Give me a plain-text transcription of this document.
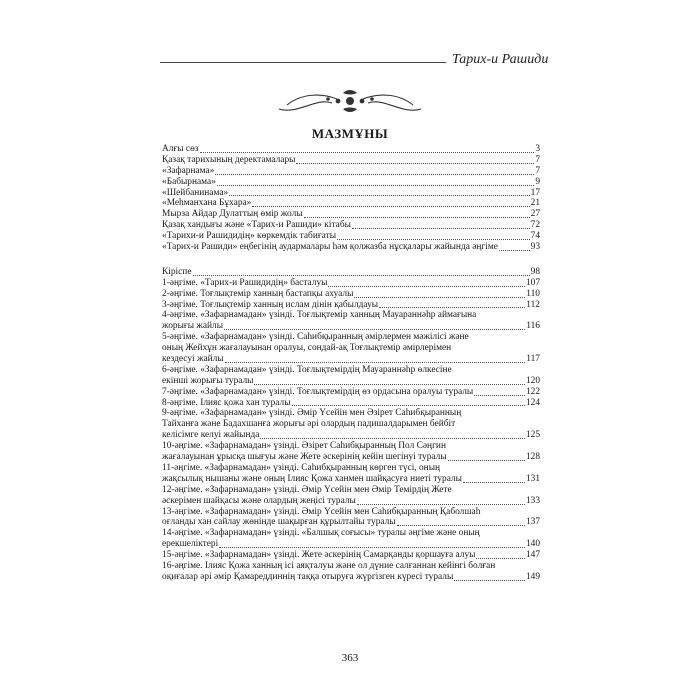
Тарих-и Рашиди
МАЗМҰНЫ
Алғы сөз	3
Қазақ тарихының деректамалары	7
«Зафарнама»	7
«Бабырнама»	9
«Шейбанинама»	17
«Меһманхана Бұхара»	21
Мырза Айдар Дулаттың өмір жолы	27
Қазақ хандығы және «Тарих-и Рашиди» кітабы	72
«Тарихи-и Рашидидің» көркемдік табиғаты	74
«Тарих-и Рашиди» еңбегінің аудармалары һәм қолжазба нұсқалары жайында әңгіме	93
Кіріспе	98
1-әңгіме. «Тарих-и Рашидидің» басталуы	107
2-әңгіме. Тоғлықтемір ханның бастапқы ахуалы	110
3-әңгіме. Тоғлықтемір ханның ислам дінін қабылдауы	112
4-әңгіме. «Зафарнамадан» үзінді. Тоғлықтемір ханның Мауараннәһр аймағына
жорығы жайлы	116
5-әңгіме. «Зафарнамадан» үзінді. Саһибқыранның әмірлермен мәжілісі және
оның Жейхұн жағалауынан оралуы, сондай-ақ Тоғлықтемір әмірлерімен
кездесуі жайлы	117
6-әңгіме. «Зафарнамадан» үзінді. Тоғлықтемірдің Мауараннәһр өлкесіне
екінші жорығы туралы	120
7-әңгіме. «Зафарнамадан» үзінді. Тоғлықтемірдің өз ордасына оралуы туралы	122
8-әңгіме. Ілияс қожа хан туралы	124
9-әңгіме. «Зафарнамадан» үзінді. Әмір Үсейін мен Әзірет Саһибқыранның
Тайханға және Бадахшанға жорығы әрі олардың падишалдарымен бейбіт
келісімге келуі жайында	125
10-әңгіме. «Зафарнамадан» үзінді. Әзірет Саһибқыранның Пол Сәңгин
жағалауынан ұрысқа шығуы және Жете әскерінің кейін шегінуі туралы	128
11-әңгіме. «Зафарнамадан» үзінді. Саһибқыранның көрген түсі, оның
жақсылық нышаны және оның Ілияс Қожа ханмен шайқасуға ниеті туралы	131
12-әңгіме. «Зафарнамадан» үзінді. Әмір Үсейін мен Әмір Темірдің Жете
әскерімен шайқасы және олардың жеңісі туралы	133
13-әңгіме. «Зафарнамадан» үзінді. Әмір Үсейін мен Саһибқыранның Қаболшаһ
оғланды хан сайлау жөнінде шақырған құрылтайы туралы	137
14-әңгіме. «Зафарнамадан» үзінді. «Балшық соғысы» туралы әңгіме және оның
ерекшеліктері	140
15-әңгіме. «Зафарнамадан» үзінді. Жете әскерінің Самарқанды қоршауға алуы	147
16-әңгіме. Ілияс Қожа ханның ісі аяқталуы және ол дүние салғаннан кейінгі болған
оқиғалар әрі әмір Қамареддиннің таққа отыруға жүргізген күресі туралы	149
363
